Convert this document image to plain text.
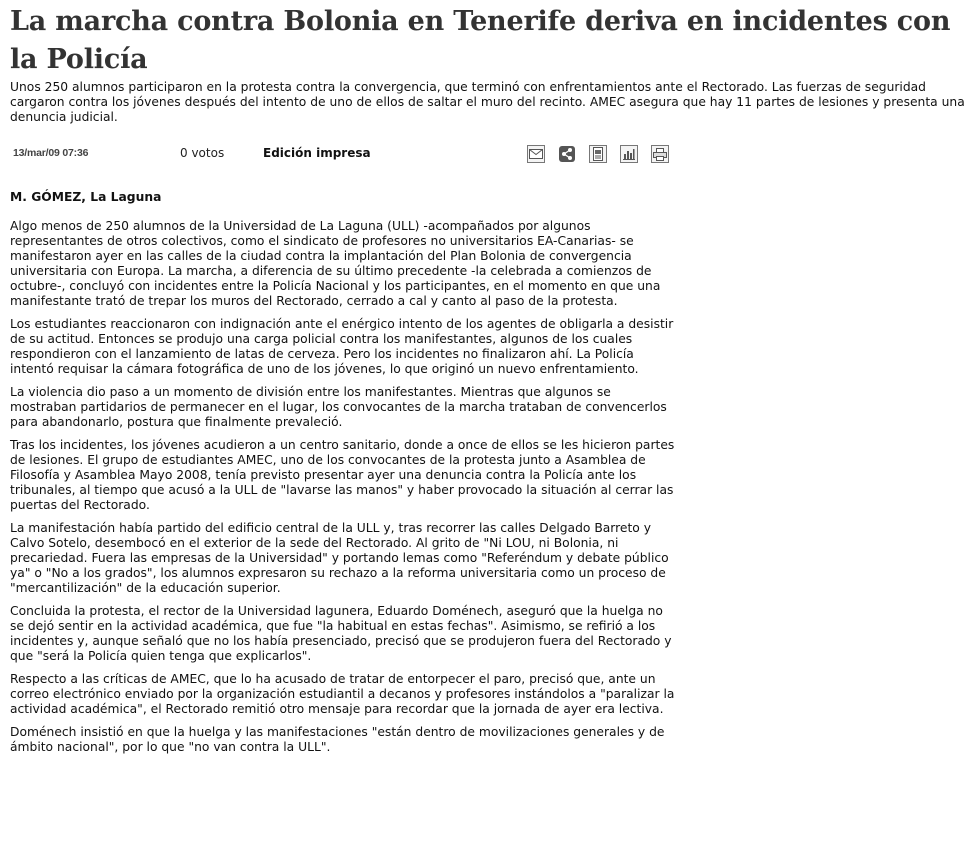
La marcha contra Bolonia en Tenerife deriva en incidentes con la Policía

Unos 250 alumnos participaron en la protesta contra la convergencia, que terminó con enfrentamientos ante el Rectorado. Las fuerzas de seguridad cargaron contra los jóvenes después del intento de uno de ellos de saltar el muro del recinto. AMEC asegura que hay 11 partes de lesiones y presenta una denuncia judicial.

13/mar/09 07:36	0 votos	Edición impresa

M. GÓMEZ, La Laguna

Algo menos de 250 alumnos de la Universidad de La Laguna (ULL) -acompañados por algunos representantes de otros colectivos, como el sindicato de profesores no universitarios EA-Canarias- se manifestaron ayer en las calles de la ciudad contra la implantación del Plan Bolonia de convergencia universitaria con Europa. La marcha, a diferencia de su último precedente -la celebrada a comienzos de octubre-, concluyó con incidentes entre la Policía Nacional y los participantes, en el momento en que una manifestante trató de trepar los muros del Rectorado, cerrado a cal y canto al paso de la protesta.

Los estudiantes reaccionaron con indignación ante el enérgico intento de los agentes de obligarla a desistir de su actitud. Entonces se produjo una carga policial contra los manifestantes, algunos de los cuales respondieron con el lanzamiento de latas de cerveza. Pero los incidentes no finalizaron ahí. La Policía intentó requisar la cámara fotográfica de uno de los jóvenes, lo que originó un nuevo enfrentamiento.

La violencia dio paso a un momento de división entre los manifestantes. Mientras que algunos se mostraban partidarios de permanecer en el lugar, los convocantes de la marcha trataban de convencerlos para abandonarlo, postura que finalmente prevaleció.

Tras los incidentes, los jóvenes acudieron a un centro sanitario, donde a once de ellos se les hicieron partes de lesiones. El grupo de estudiantes AMEC, uno de los convocantes de la protesta junto a Asamblea de Filosofía y Asamblea Mayo 2008, tenía previsto presentar ayer una denuncia contra la Policía ante los tribunales, al tiempo que acusó a la ULL de "lavarse las manos" y haber provocado la situación al cerrar las puertas del Rectorado.

La manifestación había partido del edificio central de la ULL y, tras recorrer las calles Delgado Barreto y Calvo Sotelo, desembocó en el exterior de la sede del Rectorado. Al grito de "Ni LOU, ni Bolonia, ni precariedad. Fuera las empresas de la Universidad" y portando lemas como "Referéndum y debate público ya" o "No a los grados", los alumnos expresaron su rechazo a la reforma universitaria como un proceso de "mercantilización" de la educación superior.

Concluida la protesta, el rector de la Universidad lagunera, Eduardo Doménech, aseguró que la huelga no se dejó sentir en la actividad académica, que fue "la habitual en estas fechas". Asimismo, se refirió a los incidentes y, aunque señaló que no los había presenciado, precisó que se produjeron fuera del Rectorado y que "será la Policía quien tenga que explicarlos".

Respecto a las críticas de AMEC, que lo ha acusado de tratar de entorpecer el paro, precisó que, ante un correo electrónico enviado por la organización estudiantil a decanos y profesores instándolos a "paralizar la actividad académica", el Rectorado remitió otro mensaje para recordar que la jornada de ayer era lectiva.

Doménech insistió en que la huelga y las manifestaciones "están dentro de movilizaciones generales y de ámbito nacional", por lo que "no van contra la ULL".
